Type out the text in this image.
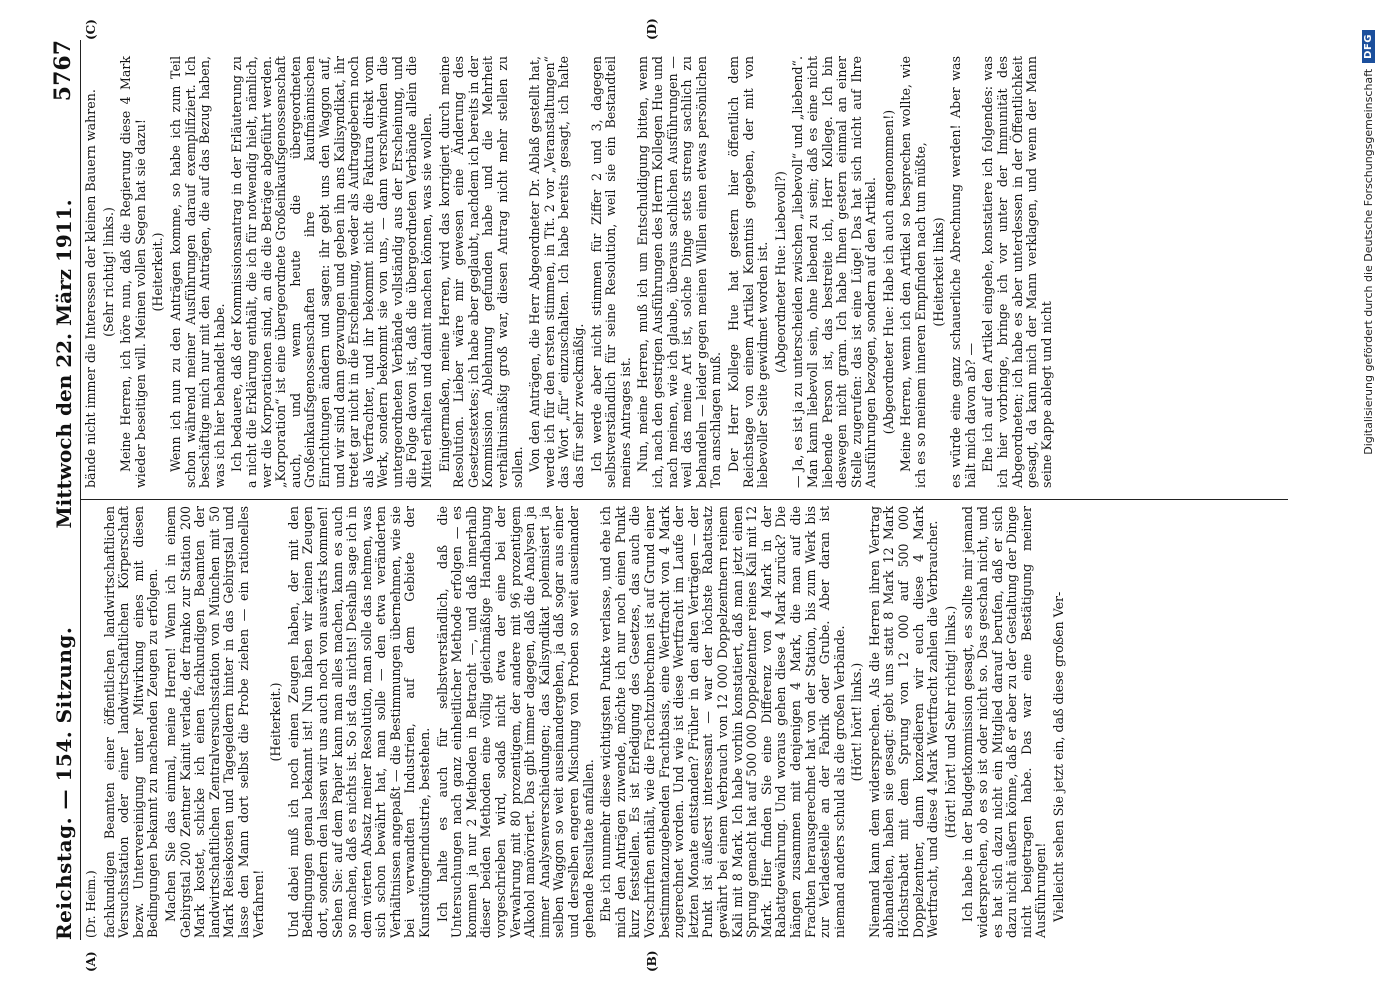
Reichstag. — 154. Sitzung.
Mittwoch den 22. März 1911.
5767
(A)	(B)
(C)	(D)
(Dr. Heim.) fachkundigen Beamten einer öffentlichen landwirtschaftlichen Versuchsstation oder einer landwirtschaftlichen Körperschaft bezw. Untervereinigung unter Mitwirkung eines mit diesen Bedingungen bekannt zu machenden Zeugen zu erfolgen. Machen Sie das einmal, meine Herren! Wenn ich in einem Gebirgstal 200 Zentner Kainit verlade, der franko zur Station 200 Mark kostet, schicke ich einen fachkundigen Beamten der landwirtschaftlichen Zentralversuchsstation von München mit 50 Mark Reisekosten und Tagegeldern hinter in das Gebirgstal und lasse den Mann dort selbst die Probe ziehen — ein rationelles Verfahren!

(Heiterkeit.) Und dabei muß ich noch einen Zeugen haben, der mit den Bedingungen genau bekannt ist! Nun haben wir keinen Zeugen dort, sondern den lassen wir uns auch noch von auswärts kommen! Sehen Sie: auf dem Papier kann man alles machen, kann es auch so machen, daß es nichts ist. So ist das nichts! Deshalb sage ich in dem vierten Absatz meiner Resolution, man solle das nehmen, was sich schon bewährt hat, man solle — den etwa veränderten Verhältnissen angepaßt — die Bestimmungen übernehmen, wie sie bei verwandten Industrien, auf dem Gebiete der Kunstdüngerindustrie, bestehen. Ich halte es auch für selbstverständlich, daß die Untersuchungen nach ganz einheitlicher Methode erfolgen — es kommen ja nur 2 Methoden in Betracht —, und daß innerhalb dieser beiden Methoden eine völlig gleichmäßige Handhabung vorgeschrieben wird, sodaß nicht etwa der eine bei der Verwahrung mit 80 prozentigem, der andere mit 96 prozentigem Alkohol manövriert. Das gibt immer dagegen, daß die Analysen ja immer Analysenverschiedungen; das Kalisyndikat polemisiert ja selben Waggon so weit auseinandergehen, ja daß sogar aus einer und derselben engeren Mischung von Proben so weit auseinander gehende Resultate anfallen. Ehe ich nunmehr diese wichtigsten Punkte verlasse, und ehe ich mich den Anträgen zuwende, möchte ich nur noch einen Punkt kurz feststellen. Es ist Erledigung des Gesetzes, das auch die Vorschriften enthält, wie die Frachtzubrechnen ist auf Grund einer bestimmtanzugebenden Frachtbasis, eine Wertfracht von 4 Mark zugerechnet worden. Und wie ist diese Wertfracht im Laufe der letzten Monate entstanden? Früher in den alten Verträgen — der Punkt ist äußerst interessant — war der höchste Rabattsatz gewährt bei einem Verbrauch von 12 000 Doppelzentnern reinem Kali mit 8 Mark. Ich habe vorhin konstatiert, daß man jetzt einen Sprung gemacht hat auf 500 000 Doppelzentner reines Kali mit 12 Mark. Hier finden Sie eine Differenz von 4 Mark in der Rabattgewährung. Und woraus gehen diese 4 Mark zurück? Die hängen zusammen mit denjenigen 4 Mark, die man auf die Frachten herausgerechnet hat von der Station, bis zum Werk bis zur Verladestelle an der Fabrik oder Grube. Aber daran ist niemand anders schuld als die großen Verbände. (Hört! hört! links.) Niemand kann dem widersprechen. Als die Herren ihren Vertrag abhandelten, haben sie gesagt: gebt uns statt 8 Mark 12 Mark Höchstrabatt mit dem Sprung von 12 000 auf 500 000 Doppelzentner, dann konzedieren wir euch diese 4 Mark Wertfracht, und diese 4 Mark Wertfracht zahlen die Verbraucher. (Hört! hört! und Sehr richtig! links.) Ich habe in der Budgetkommission gesagt, es sollte mir jemand widersprechen, ob es so ist oder nicht so. Das geschah nicht, und es hat sich dazu nicht ein Mitglied darauf berufen, daß er sich dazu nicht äußern könne, daß er aber zu der Gestaltung der Dinge nicht beigetragen habe. Das war eine Bestätigung meiner Ausführungen! Vielleicht sehen Sie jetzt ein, daß diese großen Ver-

bände nicht immer die Interessen der kleinen Bauern wahren. (Sehr richtig! links.) Meine Herren, ich höre nun, daß die Regierung diese 4 Mark wieder beseitigen will. Meinen vollen Segen hat sie dazu! (Heiterkeit.) Wenn ich nun zu den Anträgen komme, so habe ich zum Teil schon während meiner Ausführungen darauf exemplifiziert. Ich beschäftige mich nur mit den Anträgen, die auf das Bezug haben, was ich hier behandelt habe. Ich bedauere, daß der Kommissionsantrag in der Erläuterung zu a nicht die Erklärung enthält, die ich für notwendig hielt, nämlich, wer die Korporationen sind, an die die Beträge abgeführt werden. „Korporation“ ist eine übergeordnete Großeinkaufsgenossenschaft auch, und wenn heute die übergeordneten Großeinkaufsgenossenschaften ihre kaufmännischen Einrichtungen ändern und sagen: ihr gebt uns den Waggon auf, und wir sind dann gezwungen und geben ihn ans Kalisyndikat, ihr tretet gar nicht in die Erscheinung, weder als Auftraggeberin noch als Verfrachter, und ihr bekommt nicht die Faktura direkt vom Werk, sondern bekommt sie von uns, — dann verschwinden die untergeordneten Verbände vollständig aus der Erscheinung, und die Folge davon ist, daß die übergeordneten Verbände allein die Mittel erhalten und damit machen können, was sie wollen. Einigermaßen, meine Herren, wird das korrigiert durch meine Resolution. Lieber wäre mir gewesen eine Änderung des Gesetzestextes; ich habe aber geglaubt, nachdem ich bereits in der Kommission Ablehnung gefunden habe und die Mehrheit verhältnismäßig groß war, diesen Antrag nicht mehr stellen zu sollen. Von den Anträgen, die Herr Abgeordneter Dr. Ablaß gestellt hat, werde ich für den ersten stimmen, in Tit. 2 vor „Veranstaltungen“ das Wort „für“ einzuschalten. Ich habe bereits gesagt, ich halte das für sehr zweckmäßig. Ich werde aber nicht stimmen für Ziffer 2 und 3, dagegen selbstverständlich für seine Resolution, weil sie ein Bestandteil meines Antrages ist. Nun, meine Herren, muß ich um Entschuldigung bitten, wenn ich, nach den gestrigen Ausführungen des Herrn Kollegen Hue und nach meinen, wie ich glaube, überaus sachlichen Ausführungen — weil das meine Art ist, solche Dinge stets streng sachlich zu behandeln — leider gegen meinen Willen einen etwas persönlichen Ton anschlagen muß. Der Herr Kollege Hue hat gestern hier öffentlich dem Reichstage von einem Artikel Kenntnis gegeben, der mit von liebevoller Seite gewidmet worden ist. (Abgeordneter Hue: Liebevoll?) — Ja, es ist ja zu unterscheiden zwischen „liebevoll“ und „liebend“. Man kann liebevoll sein, ohne liebend zu sein; daß es eine nicht liebende Person ist, das bestreite ich, Herr Kollege. Ich bin deswegen nicht gram. Ich habe Ihnen gestern einmal an einer Stelle zugerufen: das ist eine Lüge! Das hat sich nicht auf Ihre Ausführungen bezogen, sondern auf den Artikel. (Abgeordneter Hue: Habe ich auch angenommen!) Meine Herren, wenn ich den Artikel so besprechen wollte, wie ich es so meinem inneren Empfinden nach tun müßte, (Heiterkeit links) es würde eine ganz schauerliche Abrechnung werden! Aber was hält mich davon ab? — Ehe ich auf den Artikel eingehe, konstatiere ich folgendes: was ich hier vorbringe, bringe ich vor unter der Immunität des Abgeordneten; ich habe es aber unterdessen in der Öffentlichkeit gesagt, da kann mich der Mann verklagen, und wenn der Mann seine Kappe ablegt und nicht	Digitalisierung gefördert durch die Deutsche Forschungsgemeinschaft
DFG
